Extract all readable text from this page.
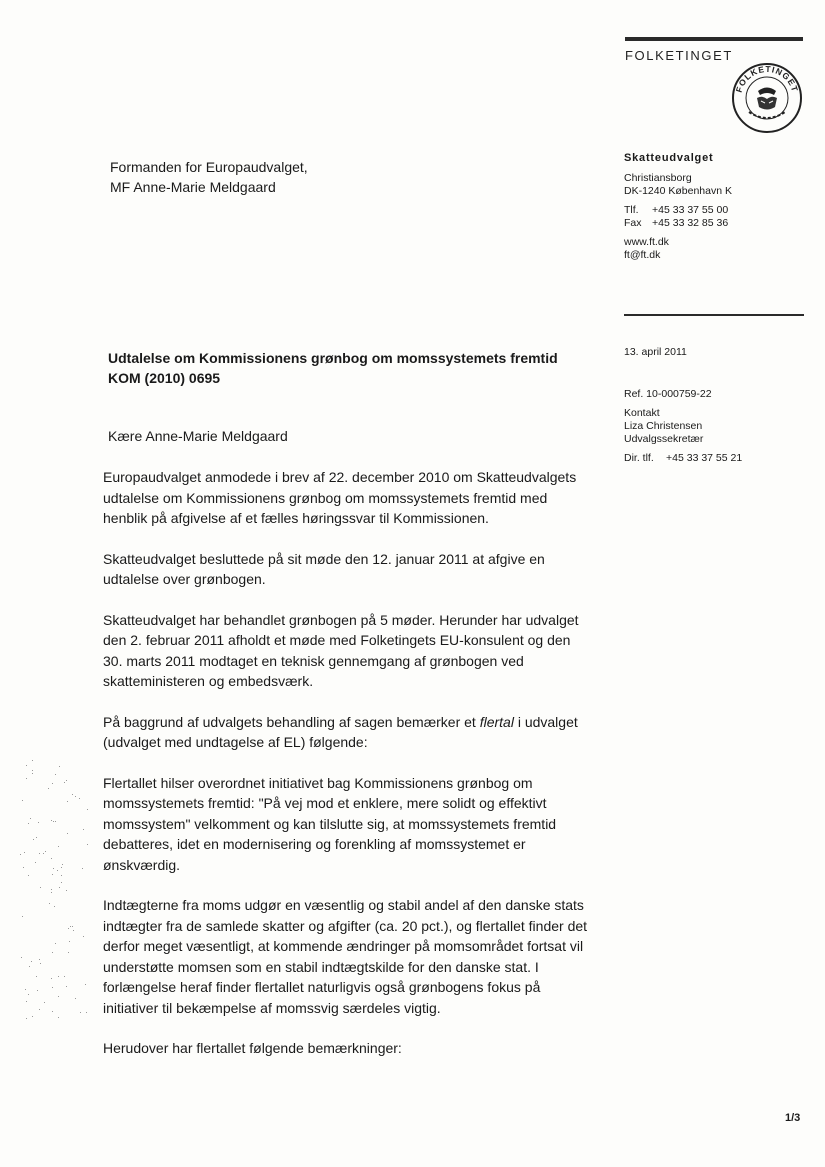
FOLKETINGET
FOLKETINGET
Formanden for Europaudvalget,
MF Anne-Marie Meldgaard
Skatteudvalget
Christiansborg
DK-1240 København K
Tlf.	+45 33 37 55 00
Fax +45 33 32 85 36
www.ft.dk
ft@ft.dk
13. april 2011
Ref. 10-000759-22
Kontakt
Liza Christensen
Udvalgssekretær
Dir. tlf.	+45 33 37 55 21
Udtalelse om Kommissionens grønbog om momssystemets fremtid KOM (2010) 0695
Kære Anne-Marie Meldgaard

Europaudvalget anmodede i brev af 22. december 2010 om Skatteudvalgets udtalelse om Kommissionens grønbog om momssystemets fremtid med henblik på afgivelse af et fælles høringssvar til Kommissionen.

Skatteudvalget besluttede på sit møde den 12. januar 2011 at afgive en udtalelse over grønbogen.

Skatteudvalget har behandlet grønbogen på 5 møder. Herunder har udvalget den 2. februar 2011 afholdt et møde med Folketingets EU-konsulent og den 30. marts 2011 modtaget en teknisk gennemgang af grønbogen ved skatteministeren og embedsværk.

På baggrund af udvalgets behandling af sagen bemærker et flertal i udvalget (udvalget med undtagelse af EL) følgende:

Flertallet hilser overordnet initiativet bag Kommissionens grønbog om momssystemets fremtid: "På vej mod et enklere, mere solidt og effektivt momssystem" velkomment og kan tilslutte sig, at momssystemets fremtid debatteres, idet en modernisering og forenkling af momssystemet er ønskværdig.

Indtægterne fra moms udgør en væsentlig og stabil andel af den danske stats indtægter fra de samlede skatter og afgifter (ca. 20 pct.), og flertallet finder det derfor meget væsentligt, at kommende ændringer på momsområdet fortsat vil understøtte momsen som en stabil indtægtskilde for den danske stat. I forlængelse heraf finder flertallet naturligvis også grønbogens fokus på initiativer til bekæmpelse af momssvig særdeles vigtig.

Herudover har flertallet følgende bemærkninger:

1/3
